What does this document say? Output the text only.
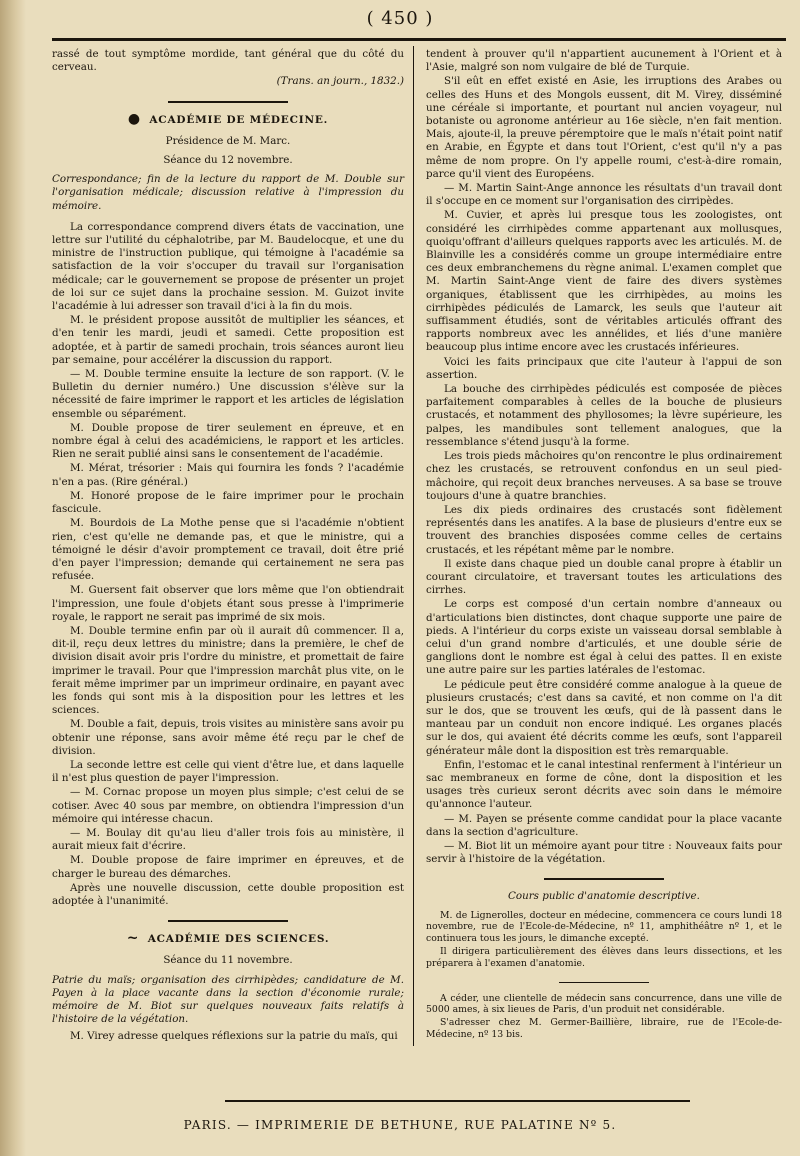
( 450 )

rassé de tout symptôme mordide, tant général que du côté du cerveau.

(Trans. an journ., 1832.)
● ACADÉMIE DE MÉDECINE.
Présidence de M. Marc.
Séance du 12 novembre.

Correspondance; fin de la lecture du rapport de M. Double sur l'organisation médicale; discussion relative à l'impression du mémoire.

La correspondance comprend divers états de vaccination, une lettre sur l'utilité du céphalotribe, par M. Baudelocque, et une du ministre de l'instruction publique, qui témoigne à l'académie sa satisfaction de la voir s'occuper du travail sur l'organisation médicale; car le gouvernement se propose de présenter un projet de loi sur ce sujet dans la prochaine session. M. Guizot invite l'académie à lui adresser son travail d'ici à la fin du mois.

M. le président propose aussitôt de multiplier les séances, et d'en tenir les mardi, jeudi et samedi. Cette proposition est adoptée, et à partir de samedi prochain, trois séances auront lieu par semaine, pour accélérer la discussion du rapport.

— M. Double termine ensuite la lecture de son rapport. (V. le Bulletin du dernier numéro.) Une discussion s'élève sur la nécessité de faire imprimer le rapport et les articles de législation ensemble ou séparément.

M. Double propose de tirer seulement en épreuve, et en nombre égal à celui des académiciens, le rapport et les articles. Rien ne serait publié ainsi sans le consentement de l'académie.

M. Mérat, trésorier : Mais qui fournira les fonds ? l'académie n'en a pas. (Rire général.)

M. Honoré propose de le faire imprimer pour le prochain fascicule.

M. Bourdois de La Mothe pense que si l'académie n'obtient rien, c'est qu'elle ne demande pas, et que le ministre, qui a témoigné le désir d'avoir promptement ce travail, doit être prié d'en payer l'impression; demande qui certainement ne sera pas refusée.

M. Guersent fait observer que lors même que l'on obtiendrait l'impression, une foule d'objets étant sous presse à l'imprimerie royale, le rapport ne serait pas imprimé de six mois.

M. Double termine enfin par où il aurait dû commencer. Il a, dit-il, reçu deux lettres du ministre; dans la première, le chef de division disait avoir pris l'ordre du ministre, et promettait de faire imprimer le travail. Pour que l'impression marchât plus vite, on le ferait même imprimer par un imprimeur ordinaire, en payant avec les fonds qui sont mis à la disposition pour les lettres et les sciences.

M. Double a fait, depuis, trois visites au ministère sans avoir pu obtenir une réponse, sans avoir même été reçu par le chef de division.

La seconde lettre est celle qui vient d'être lue, et dans laquelle il n'est plus question de payer l'impression.

— M. Cornac propose un moyen plus simple; c'est celui de se cotiser. Avec 40 sous par membre, on obtiendra l'impression d'un mémoire qui intéresse chacun.

— M. Boulay dit qu'au lieu d'aller trois fois au ministère, il aurait mieux fait d'écrire.

M. Double propose de faire imprimer en épreuves, et de charger le bureau des démarches.

Après une nouvelle discussion, cette double proposition est adoptée à l'unanimité.

~ ACADÉMIE DES SCIENCES.
Séance du 11 novembre.

Patrie du maïs; organisation des cirrhipèdes; candidature de M. Payen à la place vacante dans la section d'économie rurale; mémoire de M. Biot sur quelques nouveaux faits relatifs à l'histoire de la végétation.

M. Virey adresse quelques réflexions sur la patrie du maïs, qui

tendent à prouver qu'il n'appartient aucunement à l'Orient et à l'Asie, malgré son nom vulgaire de blé de Turquie.

S'il eût en effet existé en Asie, les irruptions des Arabes ou celles des Huns et des Mongols eussent, dit M. Virey, disséminé une céréale si importante, et pourtant nul ancien voyageur, nul botaniste ou agronome antérieur au 16e siècle, n'en fait mention. Mais, ajoute-il, la preuve péremptoire que le maïs n'était point natif en Arabie, en Égypte et dans tout l'Orient, c'est qu'il n'y a pas même de nom propre. On l'y appelle roumi, c'est-à-dire romain, parce qu'il vient des Européens.

— M. Martin Saint-Ange annonce les résultats d'un travail dont il s'occupe en ce moment sur l'organisation des cirripèdes.

M. Cuvier, et après lui presque tous les zoologistes, ont considéré les cirrhipèdes comme appartenant aux mollusques, quoiqu'offrant d'ailleurs quelques rapports avec les articulés. M. de Blainville les a considérés comme un groupe intermédiaire entre ces deux embranchemens du règne animal. L'examen complet que M. Martin Saint-Ange vient de faire des divers systèmes organiques, établissent que les cirrhipèdes, au moins les cirrhipèdes pédiculés de Lamarck, les seuls que l'auteur ait suffisamment étudiés, sont de véritables articulés offrant des rapports nombreux avec les annélides, et liés d'une manière beaucoup plus intime encore avec les crustacés inférieures.

Voici les faits principaux que cite l'auteur à l'appui de son assertion.

La bouche des cirrhipèdes pédiculés est composée de pièces parfaitement comparables à celles de la bouche de plusieurs crustacés, et notamment des phyllosomes; la lèvre supérieure, les palpes, les mandibules sont tellement analogues, que la ressemblance s'étend jusqu'à la forme.

Les trois pieds mâchoires qu'on rencontre le plus ordinairement chez les crustacés, se retrouvent confondus en un seul pied-mâchoire, qui reçoit deux branches nerveuses. A sa base se trouve toujours d'une à quatre branchies.

Les dix pieds ordinaires des crustacés sont fidèlement représentés dans les anatifes. A la base de plusieurs d'entre eux se trouvent des branchies disposées comme celles de certains crustacés, et les répétant même par le nombre.

Il existe dans chaque pied un double canal propre à établir un courant circulatoire, et traversant toutes les articulations des cirrhes.

Le corps est composé d'un certain nombre d'anneaux ou d'articulations bien distinctes, dont chaque supporte une paire de pieds. A l'intérieur du corps existe un vaisseau dorsal semblable à celui d'un grand nombre d'articulés, et une double série de ganglions dont le nombre est égal à celui des pattes. Il en existe une autre paire sur les parties latérales de l'estomac.

Le pédicule peut être considéré comme analogue à la queue de plusieurs crustacés; c'est dans sa cavité, et non comme on l'a dit sur le dos, que se trouvent les œufs, qui de là passent dans le manteau par un conduit non encore indiqué. Les organes placés sur le dos, qui avaient été décrits comme les œufs, sont l'appareil générateur mâle dont la disposition est très remarquable.

Enfin, l'estomac et le canal intestinal renferment à l'intérieur un sac membraneux en forme de cône, dont la disposition et les usages très curieux seront décrits avec soin dans le mémoire qu'annonce l'auteur.

— M. Payen se présente comme candidat pour la place vacante dans la section d'agriculture.

— M. Biot lit un mémoire ayant pour titre : Nouveaux faits pour servir à l'histoire de la végétation.

Cours public d'anatomie descriptive.

M. de Lignerolles, docteur en médecine, commencera ce cours lundi 18 novembre, rue de l'Ecole-de-Médecine, nº 11, amphithéâtre nº 1, et le continuera tous les jours, le dimanche excepté.

Il dirigera particulièrement des élèves dans leurs dissections, et les préparera à l'examen d'anatomie.

A céder, une clientelle de médecin sans concurrence, dans une ville de 5000 ames, à six lieues de Paris, d'un produit net considérable.

S'adresser chez M. Germer-Baillière, libraire, rue de l'Ecole-de-Médecine, nº 13 bis.

PARIS. — IMPRIMERIE DE BETHUNE, RUE PALATINE Nº 5.
